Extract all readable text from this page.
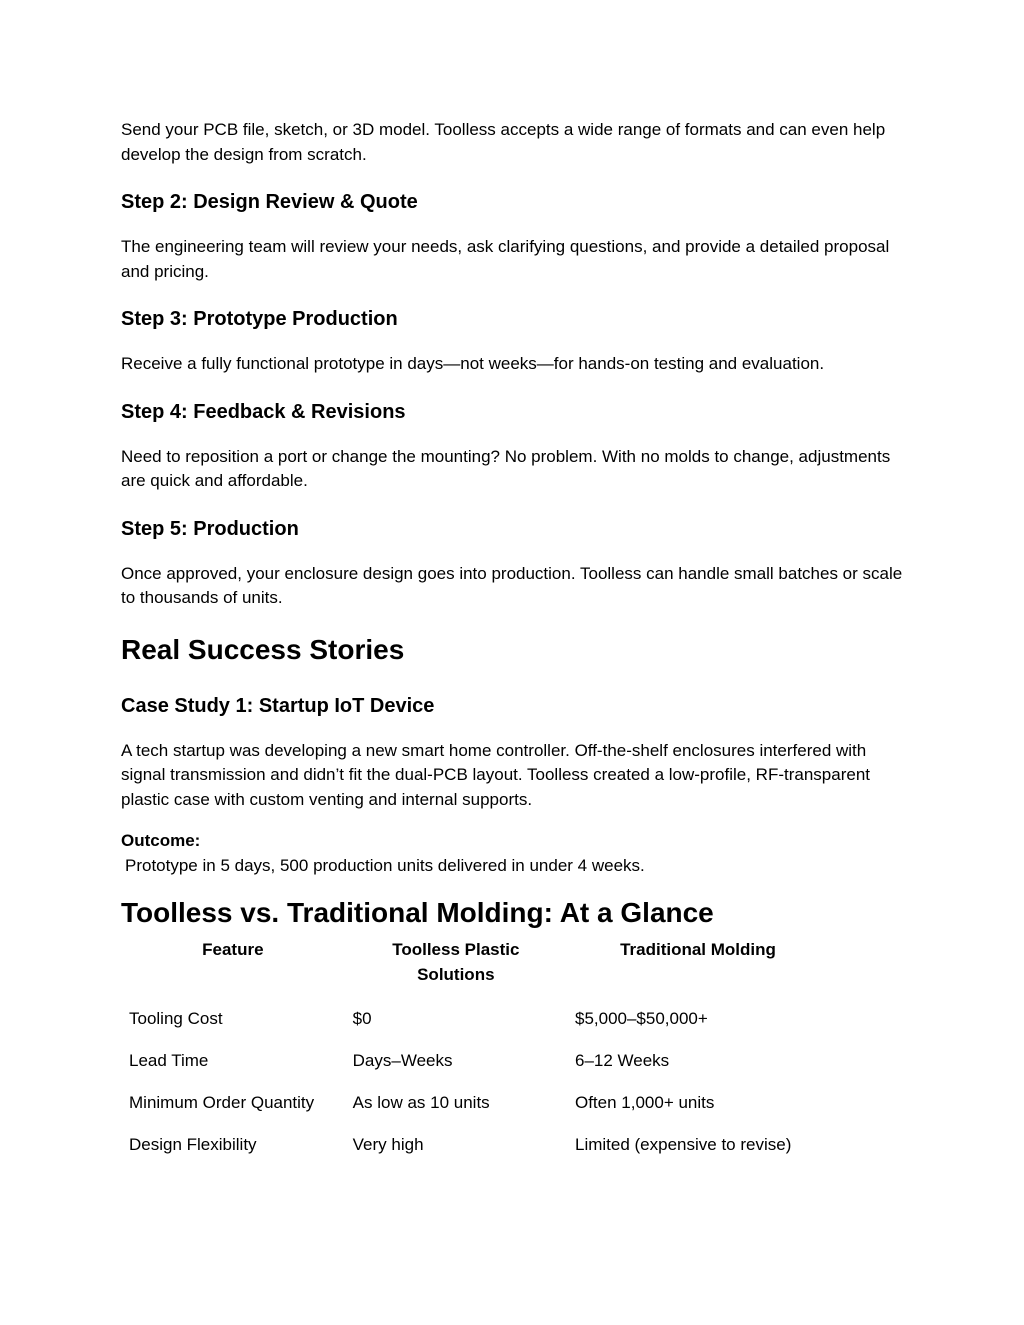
Send your PCB file, sketch, or 3D model. Toolless accepts a wide range of formats and can even help develop the design from scratch.

Step 2: Design Review & Quote

The engineering team will review your needs, ask clarifying questions, and provide a detailed proposal and pricing.

Step 3: Prototype Production

Receive a fully functional prototype in days—not weeks—for hands-on testing and evaluation.

Step 4: Feedback & Revisions

Need to reposition a port or change the mounting? No problem. With no molds to change, adjustments are quick and affordable.

Step 5: Production

Once approved, your enclosure design goes into production. Toolless can handle small batches or scale to thousands of units.

Real Success Stories
Case Study 1: Startup IoT Device

A tech startup was developing a new smart home controller. Off-the-shelf enclosures interfered with signal transmission and didn’t fit the dual-PCB layout. Toolless created a low-profile, RF-transparent plastic case with custom venting and internal supports.

Outcome:

Prototype in 5 days, 500 production units delivered in under 4 weeks.

Toolless vs. Traditional Molding: At a Glance
Feature	Toolless Plastic Solutions	Traditional Molding
Tooling Cost	$0	$5,000–$50,000+
Lead Time	Days–Weeks	6–12 Weeks
Minimum Order Quantity	As low as 10 units	Often 1,000+ units
Design Flexibility	Very high	Limited (expensive to revise)
